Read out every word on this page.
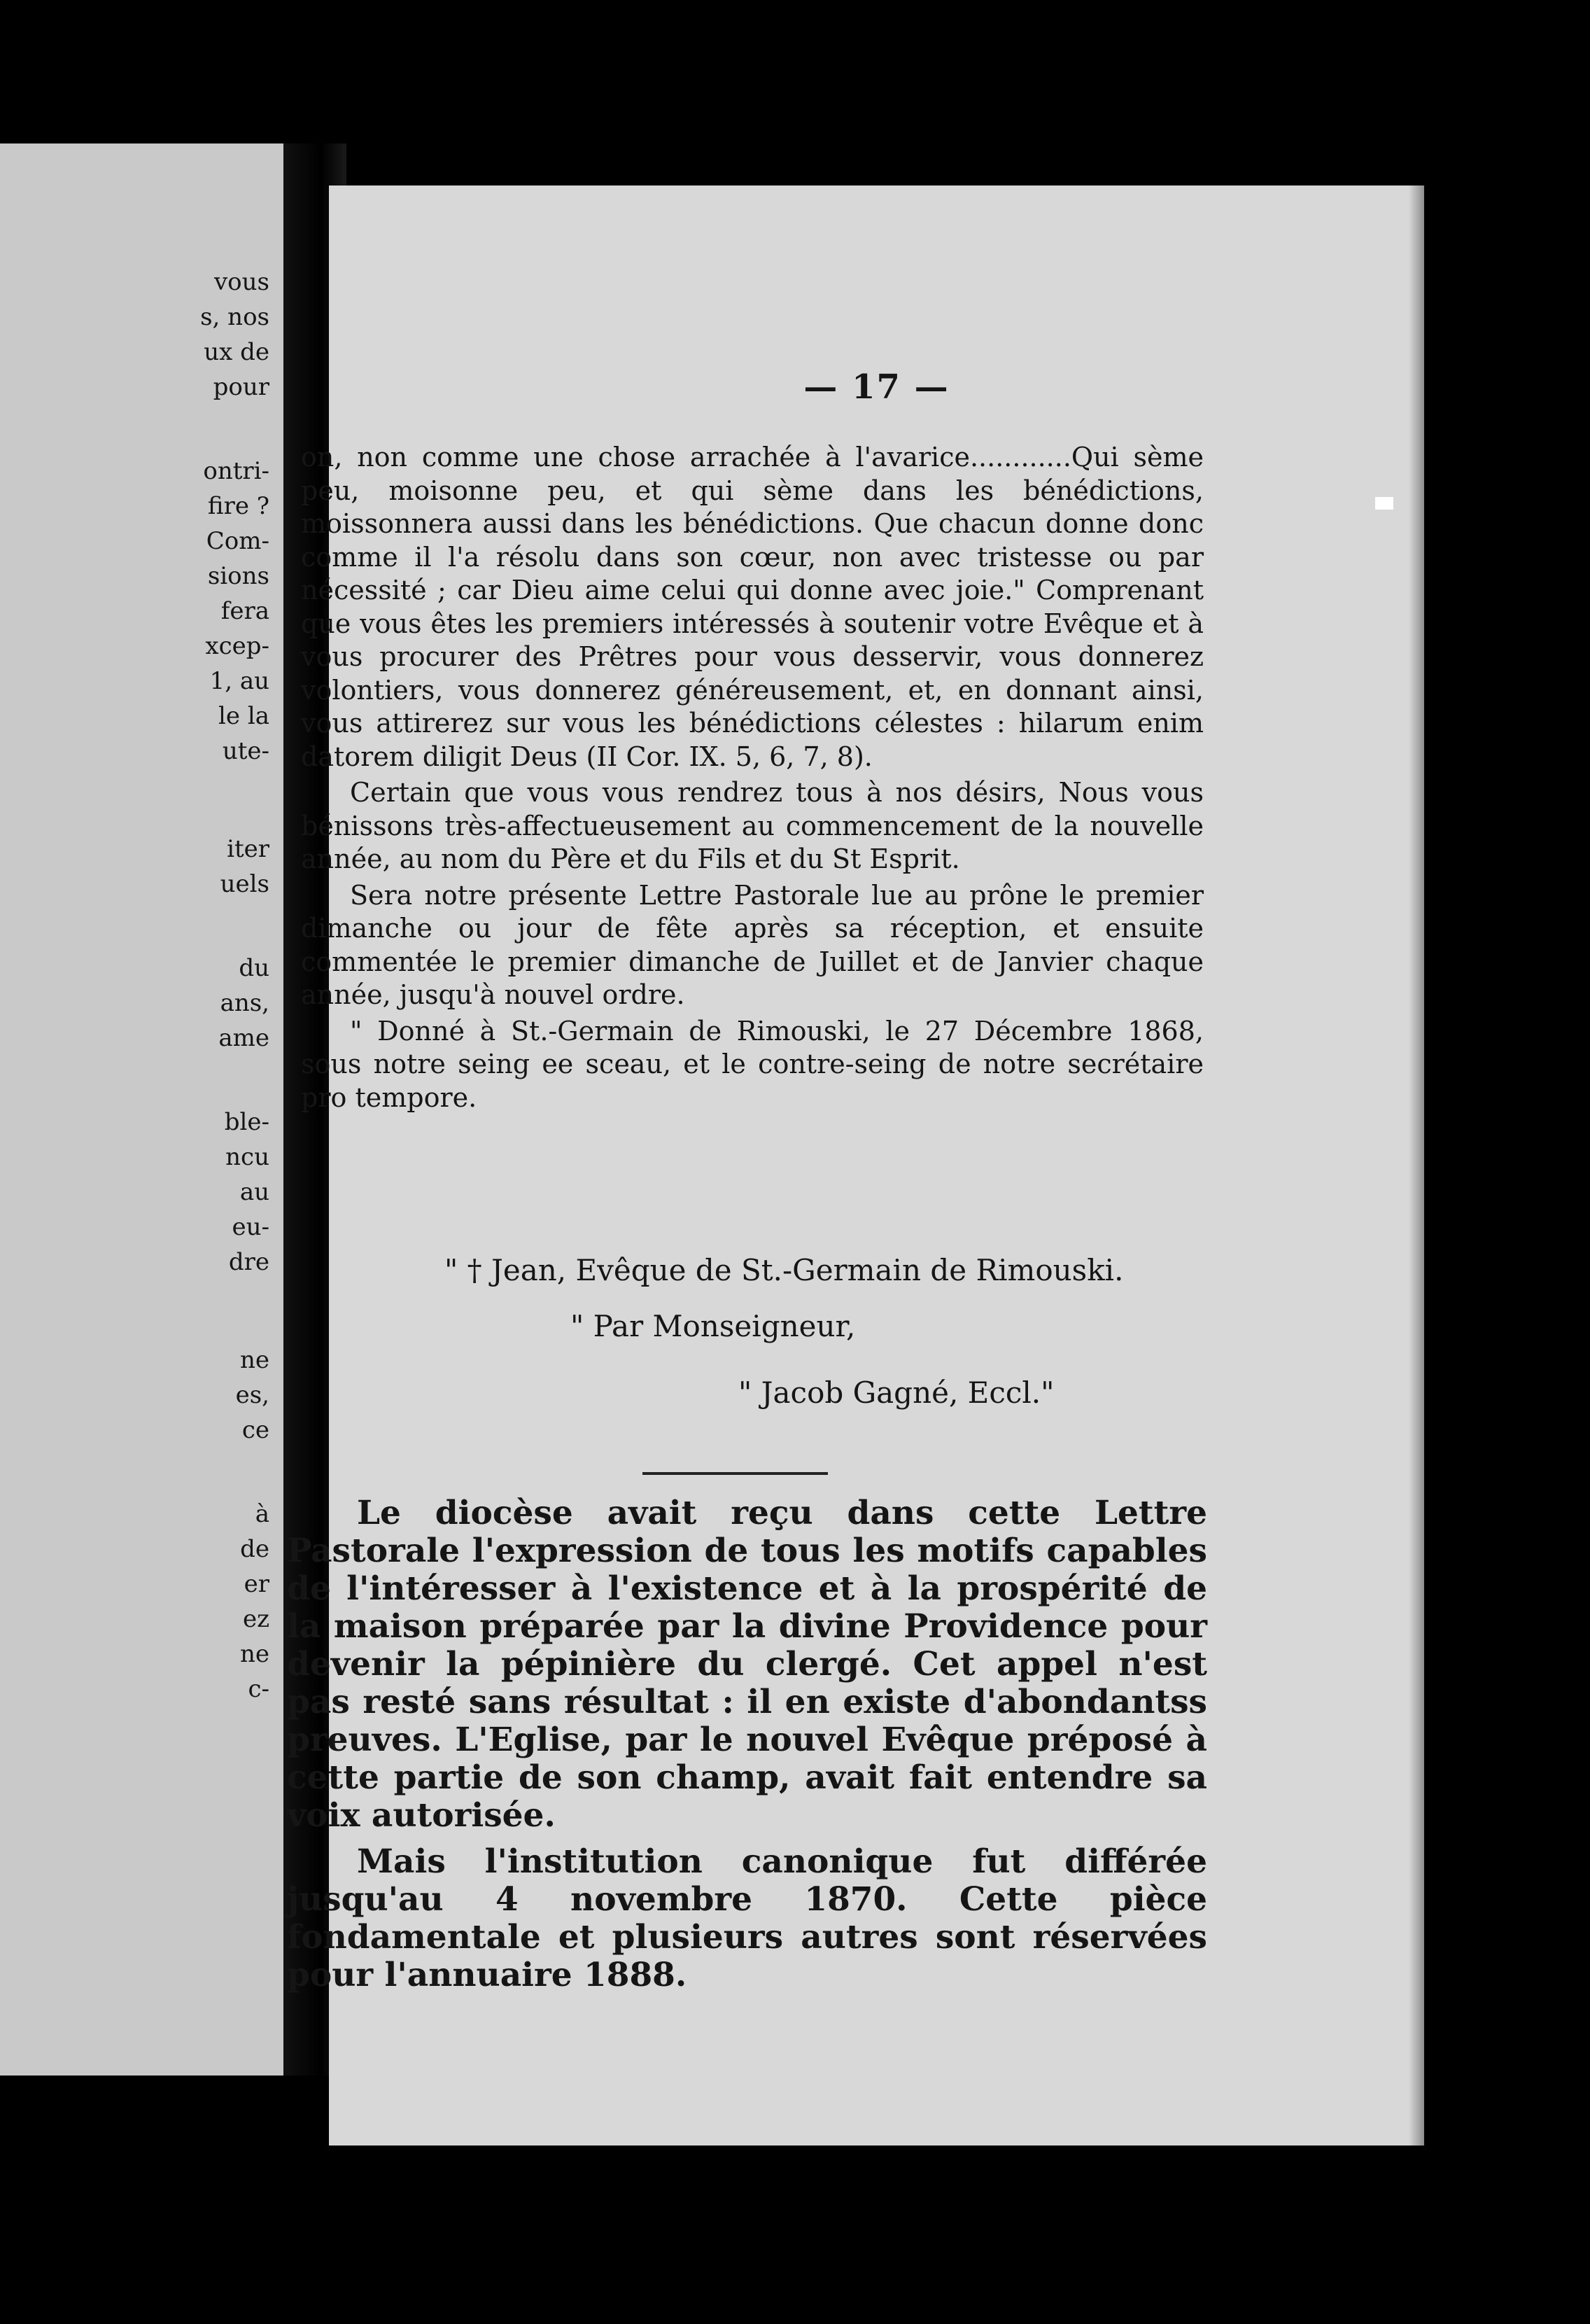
vous
s, nos
ux de
pour
ontri-
fire ?
Com-
sions
fera
xcep-
1, au
le la
ute-
iter
uels
du
ans,
ame
ble-
ncu
au
eu-
dre
ne
es,
ce
à
de
er
ez
ne
c-
— 17 —

on, non comme une chose arrachée à l'avarice............Qui sème peu, moisonne peu, et qui sème dans les bénédictions, moissonnera aussi dans les bénédictions. Que chacun donne donc comme il l'a résolu dans son cœur, non avec tristesse ou par nécessité ; car Dieu aime celui qui donne avec joie." Comprenant que vous êtes les premiers intéressés à soutenir votre Evêque et à vous procurer des Prêtres pour vous desservir, vous donnerez volontiers, vous donnerez généreusement, et, en donnant ainsi, vous attirerez sur vous les bénédictions célestes : hilarum enim datorem diligit Deus (II Cor. IX. 5, 6, 7, 8).

Certain que vous vous rendrez tous à nos désirs, Nous vous bénissons très-affectueusement au commencement de la nouvelle année, au nom du Père et du Fils et du St Esprit.

Sera notre présente Lettre Pastorale lue au prône le premier dimanche ou jour de fête après sa réception, et ensuite commentée le premier dimanche de Juillet et de Janvier chaque année, jusqu'à nouvel ordre.

" Donné à St.-Germain de Rimouski, le 27 Décembre 1868, sous notre seing ee sceau, et le contre-seing de notre secrétaire pro tempore.

" † Jean, Evêque de St.-Germain de Rimouski.
" Par Monseigneur,
" Jacob Gagné, Eccl."

Le diocèse avait reçu dans cette Lettre Pastorale l'expression de tous les motifs capables de l'intéresser à l'existence et à la prospérité de la maison préparée par la divine Providence pour devenir la pépinière du clergé. Cet appel n'est pas resté sans résultat : il en existe d'abondantss preuves. L'Eglise, par le nouvel Evêque préposé à cette partie de son champ, avait fait entendre sa voix autorisée.

Mais l'institution canonique fut différée jusqu'au 4 novembre 1870. Cette pièce fondamentale et plusieurs autres sont réservées pour l'annuaire 1888.
